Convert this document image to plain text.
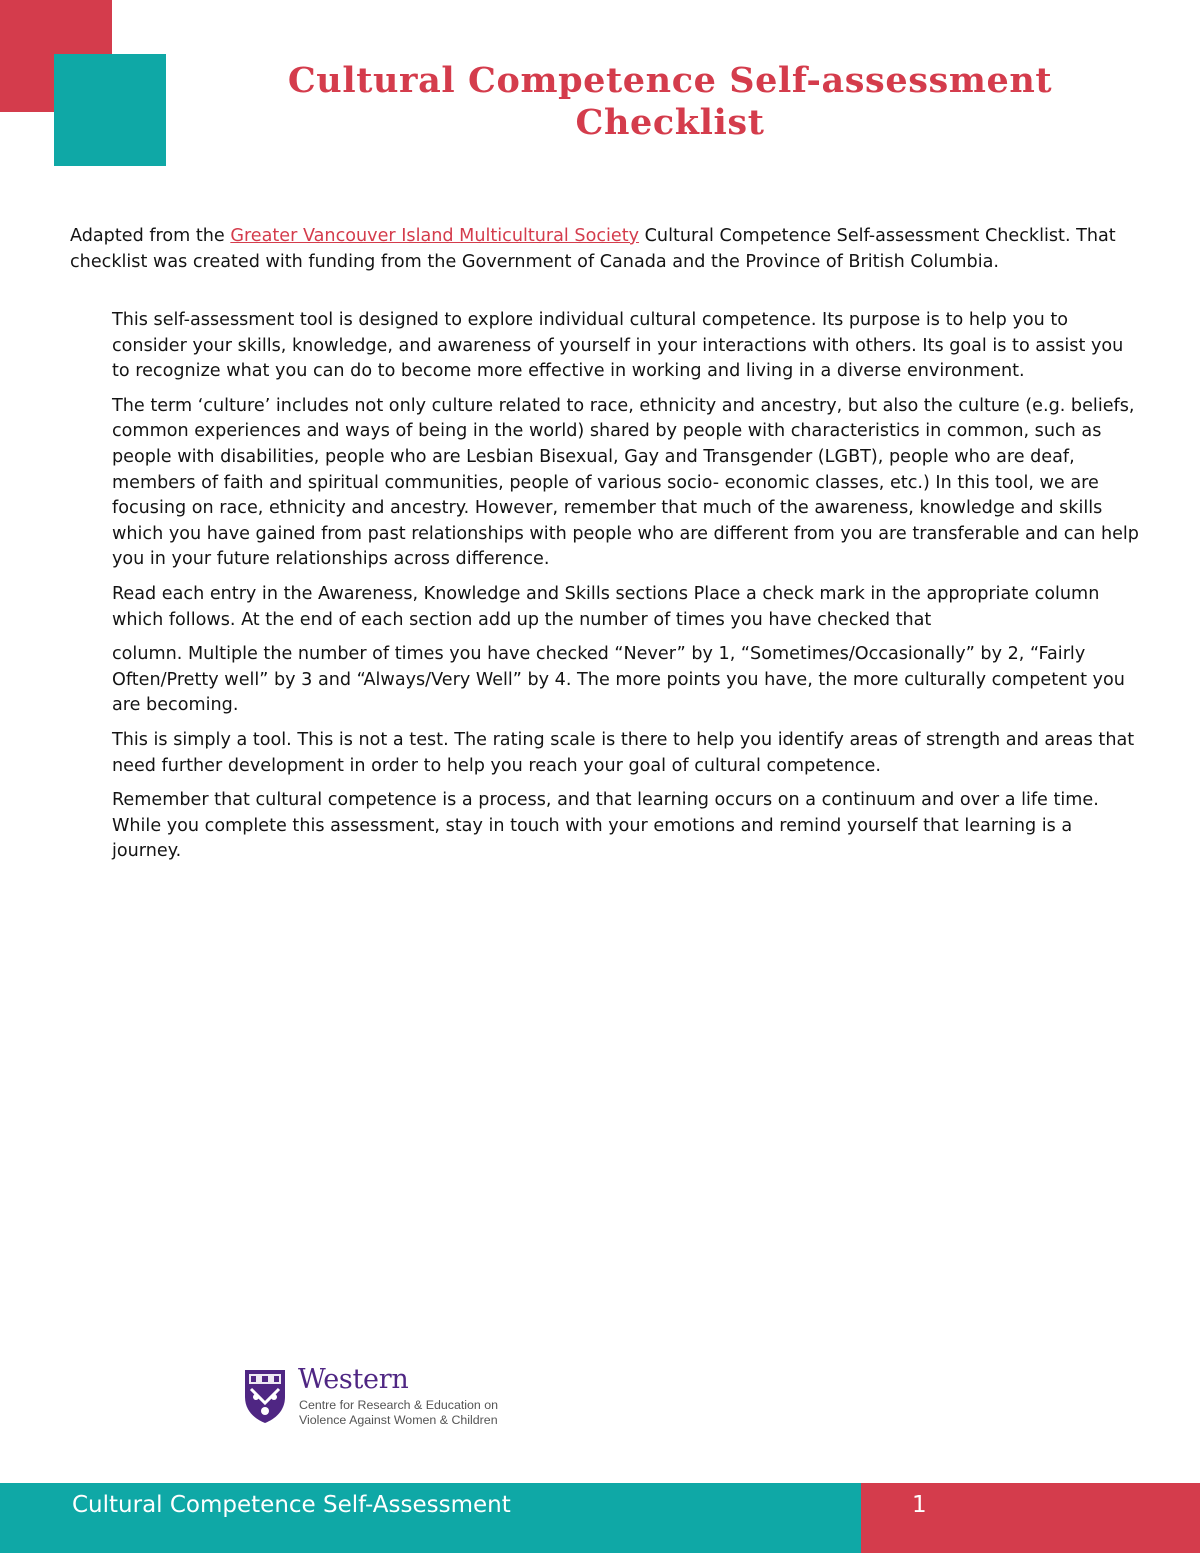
Cultural Competence Self-assessment
Checklist

Adapted from the Greater Vancouver Island Multicultural Society Cultural Competence Self-assessment Checklist. That checklist was created with funding from the Government of Canada and the Province of British Columbia.

This self-assessment tool is designed to explore individual cultural competence. Its purpose is to help you to consider your skills, knowledge, and awareness of yourself in your interactions with others. Its goal is to assist you to recognize what you can do to become more effective in working and living in a diverse environment.

The term ‘culture’ includes not only culture related to race, ethnicity and ancestry, but also the culture (e.g. beliefs, common experiences and ways of being in the world) shared by people with characteristics in common, such as people with disabilities, people who are Lesbian Bisexual, Gay and Transgender (LGBT), people who are deaf, members of faith and spiritual communities, people of various socio- economic classes, etc.) In this tool, we are focusing on race, ethnicity and ancestry. However, remember that much of the awareness, knowledge and skills which you have gained from past relationships with people who are different from you are transferable and can help you in your future relationships across difference.

Read each entry in the Awareness, Knowledge and Skills sections Place a check mark in the appropriate column which follows. At the end of each section add up the number of times you have checked that

column. Multiple the number of times you have checked “Never” by 1, “Sometimes/Occasionally” by 2, “Fairly Often/Pretty well” by 3 and “Always/Very Well” by 4. The more points you have, the more culturally competent you are becoming.

This is simply a tool. This is not a test. The rating scale is there to help you identify areas of strength and areas that need further development in order to help you reach your goal of cultural competence.

Remember that cultural competence is a process, and that learning occurs on a continuum and over a life time. While you complete this assessment, stay in touch with your emotions and remind yourself that learning is a journey.

Western
Centre for Research & Education on
Violence Against Women & Children
Cultural Competence Self-Assessment	1
